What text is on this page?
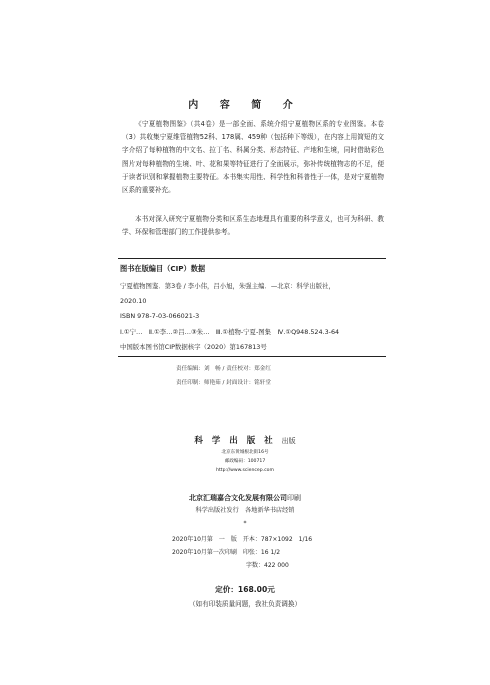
内 容 简 介

《宁夏植物图鉴》（共4卷）是一部全面、系统介绍宁夏植物区系的专业图鉴。本卷（3）共收集宁夏维管植物52科、178属、459种（包括种下等级），在内容上用简短的文字介绍了每种植物的中文名、拉丁名、科属分类、形态特征、产地和生境，同时借助彩色图片对每种植物的生境、叶、花和果等特征进行了全面展示，弥补传统植物志的不足，便于读者识别和掌握植物主要特征。本书集实用性、科学性和科普性于一体，是对宁夏植物区系的重要补充。

本书对深入研究宁夏植物分类和区系生态地理具有重要的科学意义，也可为科研、教学、环保和管理部门的工作提供参考。

图书在版编目（CIP）数据
宁夏植物图鉴．第3卷 / 李小伟，吕小旭，朱强主编．—北京：科学出版社，
2020.10
ISBN 978-7-03-066021-3
Ⅰ.①宁…　Ⅱ.①李…②吕…③朱…　Ⅲ.①植物-宁夏-图集　Ⅳ.①Q948.524.3-64
中国版本图书馆CIP数据核字（2020）第167813号
责任编辑：刘　畅 / 责任校对：郑金红
责任印制：师艳茹 / 封面设计：铭轩堂
科 学 出 版 社 出版
北京东黄城根北街16号
邮政编码：100717
http://www.sciencep.com
北京汇瑞嘉合文化发展有限公司印刷
科学出版社发行　各地新华书店经销
*
2020年10月第　一　版　开本：787×1092　1/16
2020年10月第一次印刷　印张：16 1/2
字数：422 000
定价：168.00元
（如有印装质量问题，我社负责调换）
